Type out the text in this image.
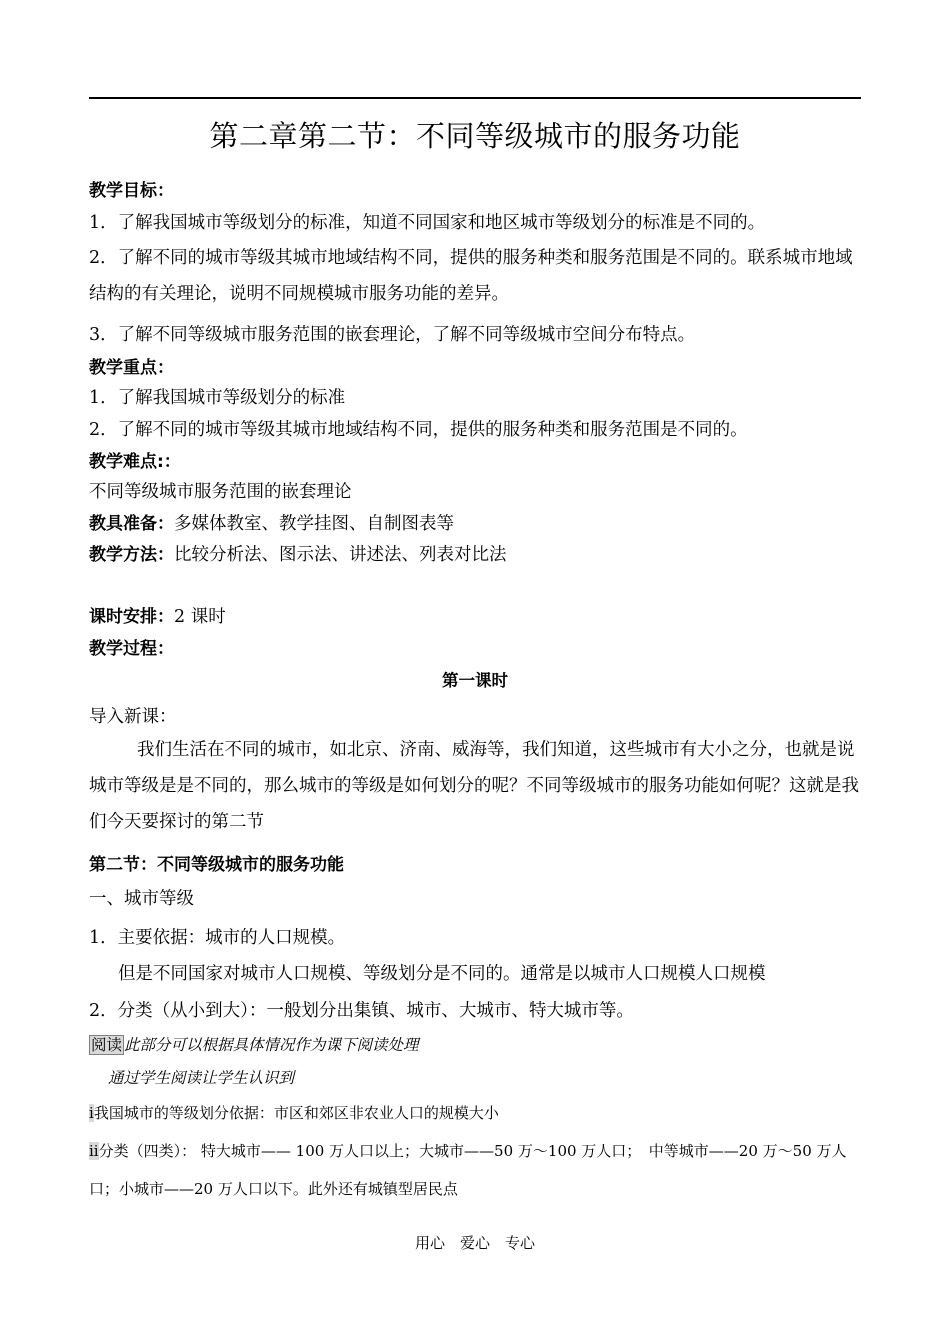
第二章第二节：不同等级城市的服务功能
教学目标：
1．了解我国城市等级划分的标准，知道不同国家和地区城市等级划分的标准是不同的。
2．了解不同的城市等级其城市地域结构不同，提供的服务种类和服务范围是不同的。联系城市地域结构的有关理论，说明不同规模城市服务功能的差异。
3．了解不同等级城市服务范围的嵌套理论，了解不同等级城市空间分布特点。
教学重点：
1．了解我国城市等级划分的标准
2．了解不同的城市等级其城市地域结构不同，提供的服务种类和服务范围是不同的。
教学难点:：
不同等级城市服务范围的嵌套理论
教具准备：多媒体教室、教学挂图、自制图表等
教学方法：比较分析法、图示法、讲述法、列表对比法
课时安排：2 课时
教学过程：
第一课时
导入新课：
我们生活在不同的城市，如北京、济南、威海等，我们知道，这些城市有大小之分，也就是说城市等级是是不同的，那么城市的等级是如何划分的呢？不同等级城市的服务功能如何呢？这就是我们今天要探讨的第二节
第二节：不同等级城市的服务功能
一、城市等级
1．主要依据：城市的人口规模。
但是不同国家对城市人口规模、等级划分是不同的。通常是以城市人口规模人口规模
2．分类（从小到大）：一般划分出集镇、城市、大城市、特大城市等。
阅读 此部分可以根据具体情况作为课下阅读处理
通过学生阅读让学生认识到
i我国城市的等级划分依据：市区和郊区非农业人口的规模大小
ii分类（四类）： 特大城市—— 100 万人口以上；大城市——50 万～100 万人口；　中等城市——20 万～50 万人口；小城市——20 万人口以下。此外还有城镇型居民点
用心　爱心　专心
